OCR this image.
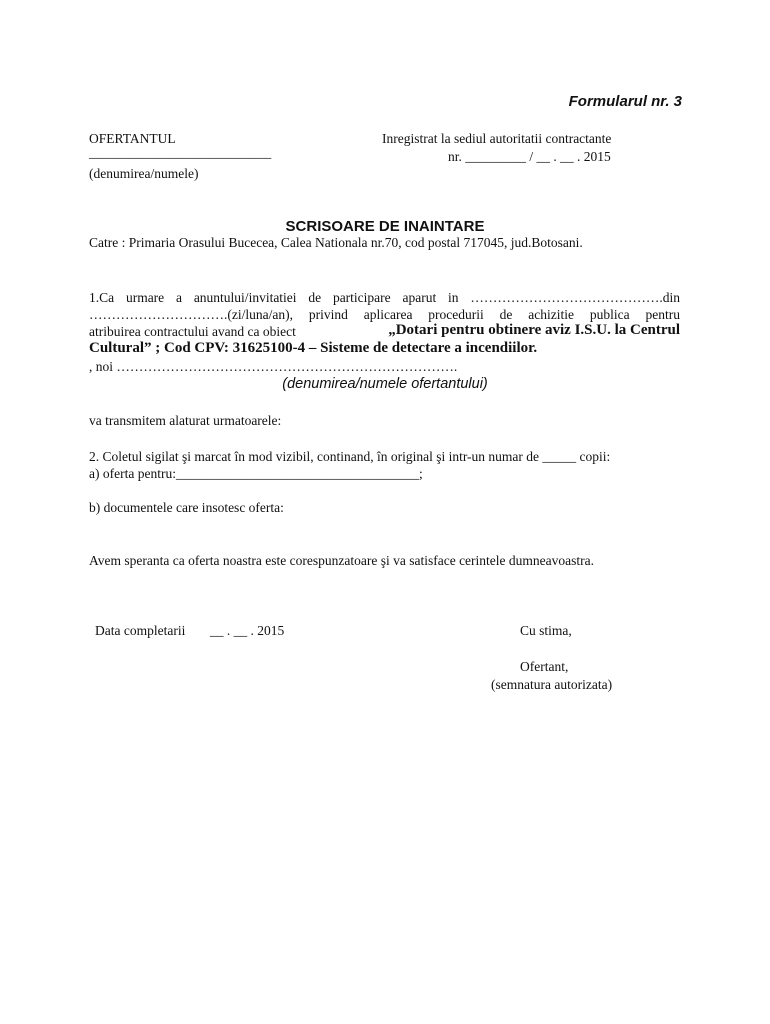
Formularul nr. 3
OFERTANTUL
___________________________
(denumirea/numele)
Inregistrat la sediul autoritatii contractante
nr. _________ / __ . __ . 2015
SCRISOARE DE INAINTARE
Catre : Primaria Orasului Bucecea, Calea Nationala nr.70, cod postal 717045, jud.Botosani.
1.Ca urmare a anuntului/invitatiei de participare aparut in …………………………………….din
………………………….(zi/luna/an), privind aplicarea procedurii de achizitie publica pentru
atribuirea contractului avand ca obiect	„Dotari pentru obtinere aviz I.S.U. la Centrul
Cultural” ; Cod CPV: 31625100-4 – Sisteme de detectare a incendiilor.
, noi ………………………………………………………………….
(denumirea/numele ofertantului)
va transmitem alaturat urmatoarele:
2. Coletul sigilat şi marcat în mod vizibil, continand, în original şi intr-un numar de _____ copii:
a) oferta pentru:____________________________________;
b) documentele care insotesc oferta:
Avem speranta ca oferta noastra este corespunzatoare şi va satisface cerintele dumneavoastra.
Data completarii __ . __ . 2015	Cu stima,
Ofertant,
(semnatura autorizata)
